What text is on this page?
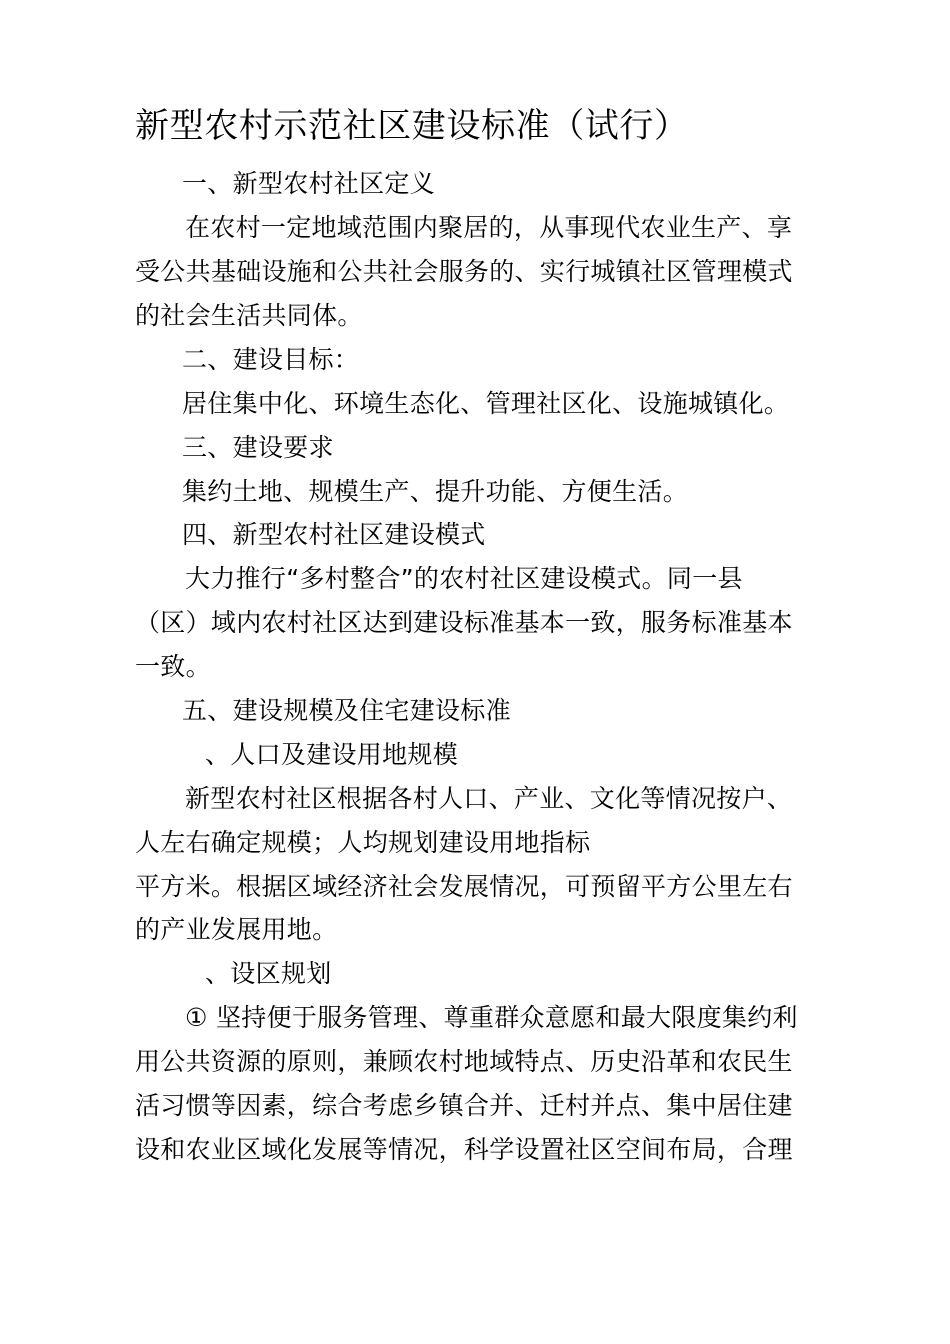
新型农村示范社区建设标准（试行）
一、新型农村社区定义
在农村一定地域范围内聚居的，从事现代农业生产、享
受公共基础设施和公共社会服务的、实行城镇社区管理模式
的社会生活共同体。
二、建设目标：
居住集中化、环境生态化、管理社区化、设施城镇化。
三、建设要求
集约土地、规模生产、提升功能、方便生活。
四、新型农村社区建设模式
大力推行“多村整合”的农村社区建设模式。同一县
（区）域内农村社区达到建设标准基本一致，服务标准基本
一致。
五、建设规模及住宅建设标准
、人口及建设用地规模
新型农村社区根据各村人口、产业、文化等情况按户、
人左右确定规模；人均规划建设用地指标
平方米。根据区域经济社会发展情况，可预留平方公里左右
的产业发展用地。
、设区规划
① 坚持便于服务管理、尊重群众意愿和最大限度集约利
用公共资源的原则，兼顾农村地域特点、历史沿革和农民生
活习惯等因素，综合考虑乡镇合并、迁村并点、集中居住建
设和农业区域化发展等情况，科学设置社区空间布局，合理
